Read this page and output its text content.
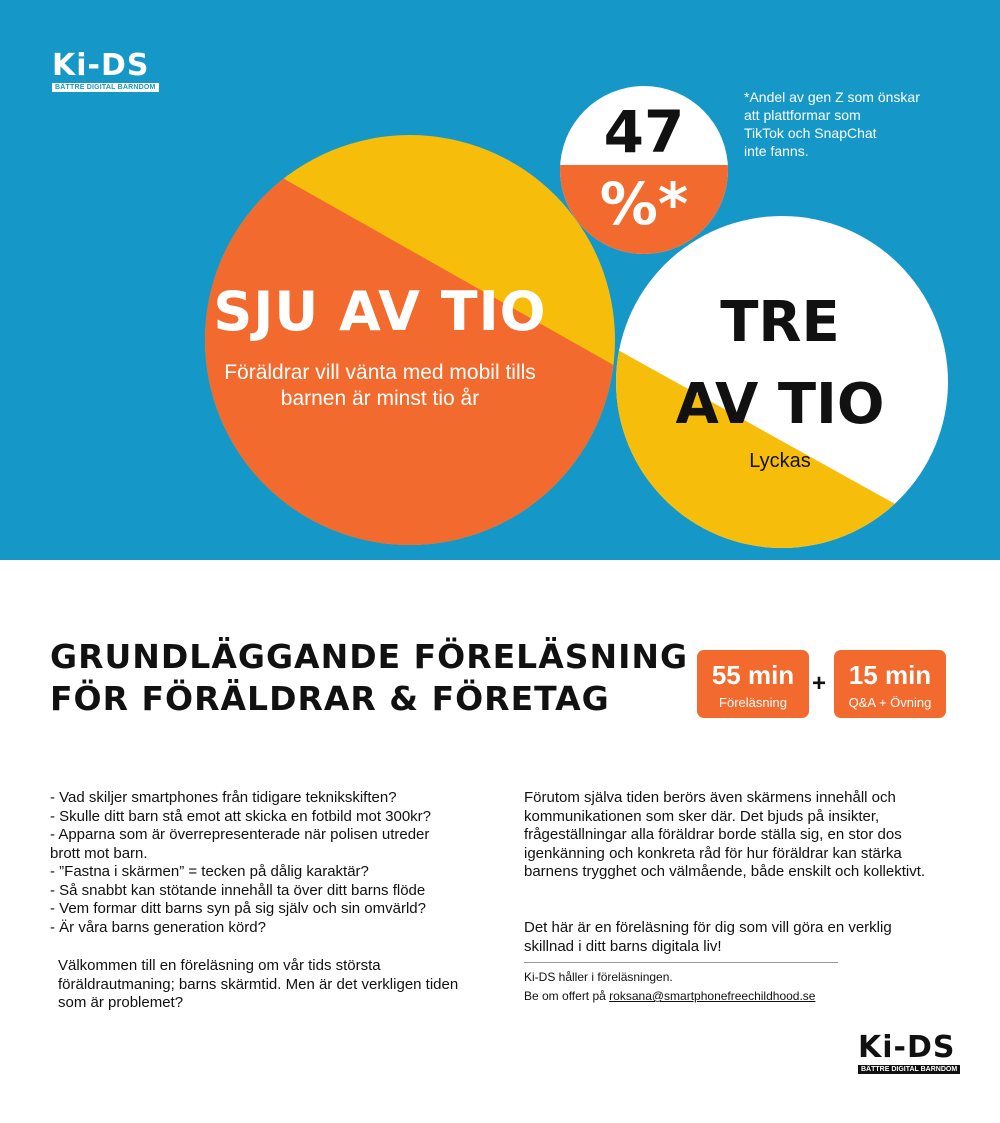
Ki-DS
BÄTTRE DIGITAL BARNDOM
*Andel av gen Z som önskar
att plattformar som
TikTok och SnapChat
inte fanns.
47
%*
SJU AV TIO
Föräldrar vill vänta med mobil tills barnen är minst tio år
TRE
AV TIO
Lyckas
GRUNDLÄGGANDE FÖRELÄSNING
FÖR FÖRÄLDRAR & FÖRETAG
55 min
Föreläsning
+ 15 min
Q&A + Övning
- Vad skiljer smartphones från tidigare teknikskiften?
- Skulle ditt barn stå emot att skicka en fotbild mot 300kr?
- Apparna som är överrepresenterade när polisen utreder
brott mot barn.
- ”Fastna i skärmen” = tecken på dålig karaktär?
- Så snabbt kan stötande innehåll ta över ditt barns flöde
- Vem formar ditt barns syn på sig själv och sin omvärld?
- Är våra barns generation körd?
Välkommen till en föreläsning om vår tids största föräldrautmaning; barns skärmtid. Men är det verkligen tiden som är problemet?
Förutom själva tiden berörs även skärmens innehåll och kommunikationen som sker där. Det bjuds på insikter, frågeställningar alla föräldrar borde ställa sig, en stor dos igenkänning och konkreta råd för hur föräldrar kan stärka barnens trygghet och välmående, både enskilt och kollektivt.
Det här är en föreläsning för dig som vill göra en verklig skillnad i ditt barns digitala liv!
Ki-DS håller i föreläsningen.
Be om offert på roksana@smartphonefreechildhood.se
Ki-DS
BÄTTRE DIGITAL BARNDOM
